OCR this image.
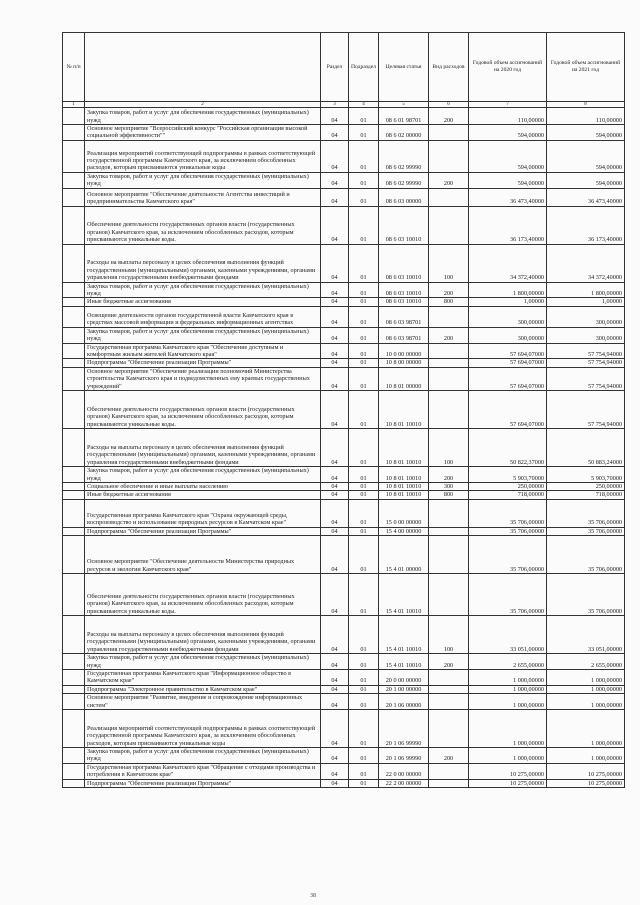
№ п/п		Раздел	Подраздел	Целевая статья	Вид расходов	Годовой объем ассигнований на 2020 год	Годовой объем ассигнований на 2021 год
1	2	3	4	5	6	7	8
	Закупка товаров, работ и услуг для обеспечения государственных (муниципальных) нужд	04	01	08 6 01 98701	200	110,00000	110,00000
	Основное мероприятие "Всероссийский конкурс "Российская организация высокой социальной эффективности""	04	01	08 6 02 00000		594,00000	594,00000
	Реализация мероприятий соответствующей подпрограммы в рамках соответствующей государственной программы Камчатского края, за исключением обособленных расходов, которым присваиваются уникальные коды	04	01	08 6 02 99990		594,00000	594,00000
	Закупка товаров, работ и услуг для обеспечения государственных (муниципальных) нужд	04	01	08 6 02 99990	200	594,00000	594,00000
	Основное мероприятие "Обеспечение деятельности Агентства инвестиций и предпринимательства Камчатского края"	04	01	08 6 03 00000		36 473,40000	36 473,40000
	Обеспечение деятельности государственных органов власти (государственных органов) Камчатского края, за исключением обособленных расходов, которым присваиваются уникальные коды.	04	01	08 6 03 10010		36 173,40000	36 173,40000
	Расходы на выплаты персоналу в целях обеспечения выполнения функций государственными (муниципальными) органами, казенными учреждениями, органами управления государственными внебюджетными фондами	04	01	08 6 03 10010	100	34 372,40000	34 372,40000
	Закупка товаров, работ и услуг для обеспечения государственных (муниципальных) нужд	04	01	08 6 03 10010	200	1 800,00000	1 800,00000
	Иные бюджетные ассигнования	04	01	08 6 03 10010	800	1,00000	1,00000
	Освещение деятельности органов государственной власти Камчатского края в средствах массовой информации и федеральных информационных агентствах	04	01	08 6 03 98701		300,00000	300,00000
	Закупка товаров, работ и услуг для обеспечения государственных (муниципальных) нужд	04	01	08 6 03 98701	200	300,00000	300,00000
	Государственная программа Камчатского края "Обеспечение доступным и комфортным жильем жителей Камчатского края"	04	01	10 0 00 00000		57 694,07000	57 754,94000
	Подпрограмма "Обеспечение реализации Программы"	04	01	10 8 00 00000		57 694,07000	57 754,94000
	Основное мероприятие "Обеспечение реализации полномочий Министерства строительства Камчатского края и подведомственных ему краевых государственных учреждений"	04	01	10 8 01 00000		57 694,07000	57 754,94000
	Обеспечение деятельности государственных органов власти (государственных органов) Камчатского края, за исключением обособленных расходов, которым присваиваются уникальные коды.	04	01	10 8 01 10010		57 694,07000	57 754,94000
	Расходы на выплаты персоналу в целях обеспечения выполнения функций государственными (муниципальными) органами, казенными учреждениями, органами управления государственными внебюджетными фондами	04	01	10 8 01 10010	100	50 822,37000	50 883,24000
	Закупка товаров, работ и услуг для обеспечения государственных (муниципальных) нужд	04	01	10 8 01 10010	200	5 903,70000	5 903,70000
	Социальное обеспечение и иные выплаты населению	04	01	10 8 01 10010	300	250,00000	250,00000
	Иные бюджетные ассигнования	04	01	10 8 01 10010	800	718,00000	718,00000
	Государственная программа Камчатского края "Охрана окружающей среды, воспроизводство и использование природных ресурсов в Камчатском крае"	04	01	15 0 00 00000		35 706,00000	35 706,00000
	Подпрограмма "Обеспечение реализации Программы"	04	01	15 4 00 00000		35 706,00000	35 706,00000
	Основное мероприятие "Обеспечение деятельности Министерства природных ресурсов и экологии Камчатского края"	04	01	15 4 01 00000		35 706,00000	35 706,00000
	Обеспечение деятельности государственных органов власти (государственных органов) Камчатского края, за исключением обособленных расходов, которым присваиваются уникальные коды.	04	01	15 4 01 10010		35 706,00000	35 706,00000
	Расходы на выплаты персоналу в целях обеспечения выполнения функций государственными (муниципальными) органами, казенными учреждениями, органами управления государственными внебюджетными фондами	04	01	15 4 01 10010	100	33 051,00000	33 051,00000
	Закупка товаров, работ и услуг для обеспечения государственных (муниципальных) нужд	04	01	15 4 01 10010	200	2 655,00000	2 655,00000
	Государственная программа Камчатского края "Информационное общество в Камчатском крае"	04	01	20 0 00 00000		1 000,00000	1 000,00000
	Подпрограмма "Электронное правительство в Камчатском крае"	04	01	20 1 00 00000		1 000,00000	1 000,00000
	Основное мероприятие "Развитие, внедрение и сопровождение информационных систем"	04	01	20 1 06 00000		1 000,00000	1 000,00000
	Реализация мероприятий соответствующей подпрограммы в рамках соответствующей государственной программы Камчатского края, за исключением обособленных расходов, которым присваиваются уникальные коды	04	01	20 1 06 99990		1 000,00000	1 000,00000
	Закупка товаров, работ и услуг для обеспечения государственных (муниципальных) нужд	04	01	20 1 06 99990	200	1 000,00000	1 000,00000
	Государственная программа Камчатского края "Обращение с отходами производства и потребления в Камчатском крае"	04	01	22 0 00 00000		10 275,00000	10 275,00000
	Подпрограмма "Обеспечение реализации Программы"	04	01	22 2 00 00000		10 275,00000	10 275,00000
38
